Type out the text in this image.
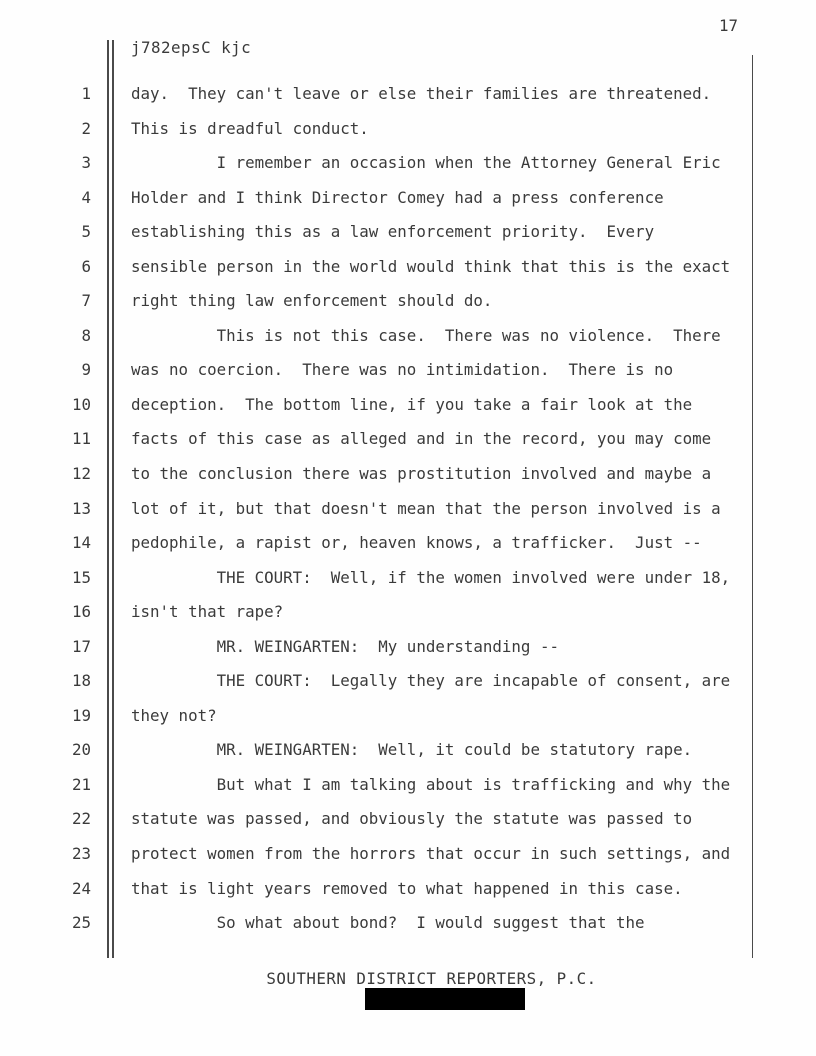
17
j782epsC kjc
1	day.  They can't leave or else their families are threatened.
2	This is dreadful conduct.
3	I remember an occasion when the Attorney General Eric
4	Holder and I think Director Comey had a press conference
5	establishing this as a law enforcement priority.  Every
6	sensible person in the world would think that this is the exact
7	right thing law enforcement should do.
8	This is not this case.  There was no violence.  There
9	was no coercion.  There was no intimidation.  There is no
10	deception.  The bottom line, if you take a fair look at the
11	facts of this case as alleged and in the record, you may come
12	to the conclusion there was prostitution involved and maybe a
13	lot of it, but that doesn't mean that the person involved is a
14	pedophile, a rapist or, heaven knows, a trafficker.  Just --
15	THE COURT:  Well, if the women involved were under 18,
16	isn't that rape?
17	MR. WEINGARTEN:  My understanding --
18	THE COURT:  Legally they are incapable of consent, are
19	they not?
20	MR. WEINGARTEN:  Well, it could be statutory rape.
21	But what I am talking about is trafficking and why the
22	statute was passed, and obviously the statute was passed to
23	protect women from the horrors that occur in such settings, and
24	that is light years removed to what happened in this case.
25	So what about bond?  I would suggest that the
SOUTHERN DISTRICT REPORTERS, P.C.
